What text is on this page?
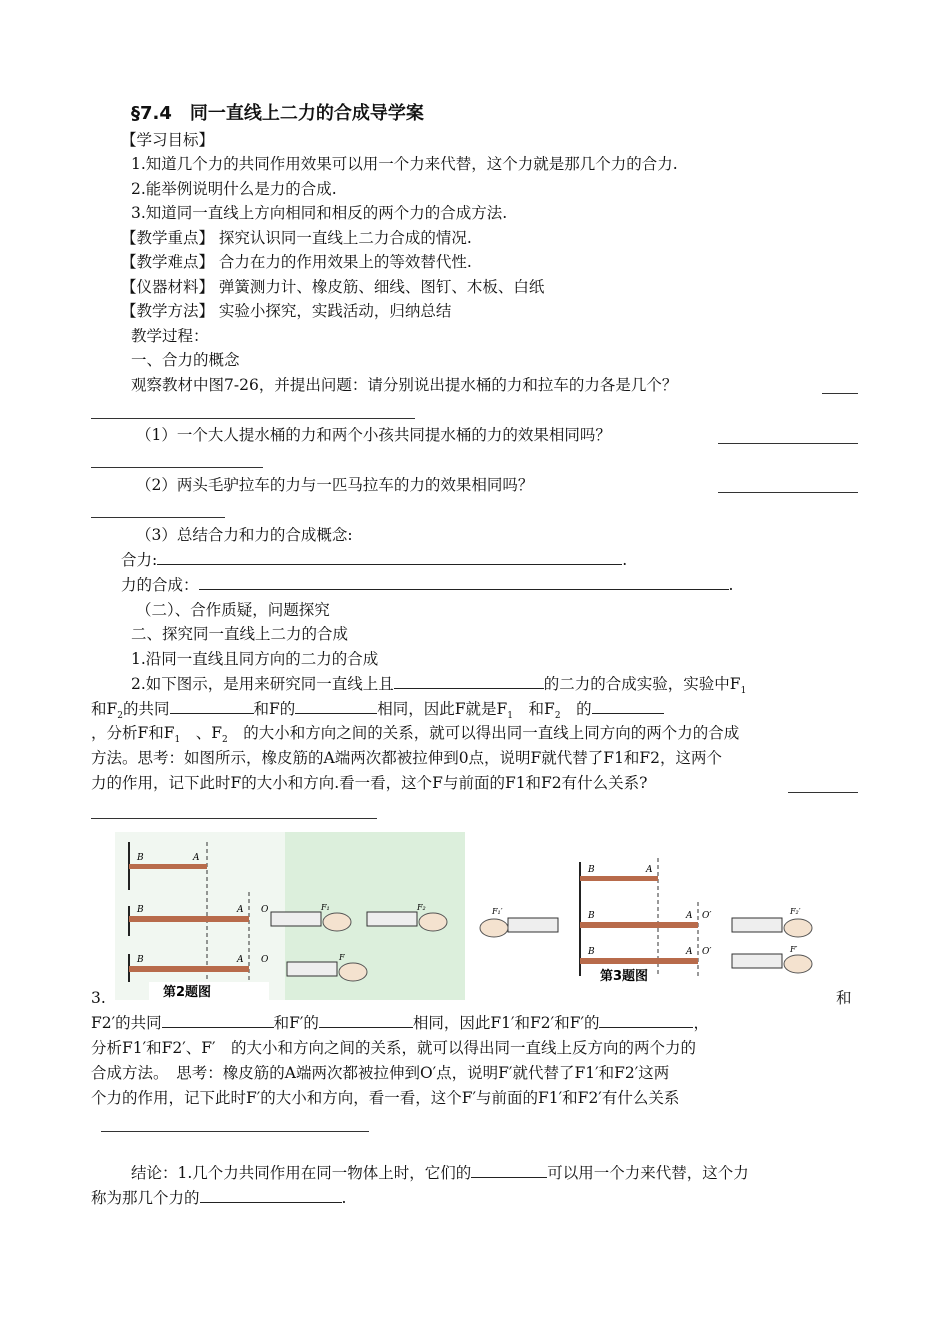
§7.4　同一直线上二力的合成导学案
【学习目标】
1.知道几个力的共同作用效果可以用一个力来代替，这个力就是那几个力的合力.
2.能举例说明什么是力的合成.
3.知道同一直线上方向相同和相反的两个力的合成方法.
【教学重点】 探究认识同一直线上二力合成的情况.
【教学难点】 合力在力的作用效果上的等效替代性.
【仪器材料】 弹簧测力计、橡皮筋、细线、图钉、木板、白纸
【教学方法】 实验小探究，实践活动，归纳总结
教学过程：
一、合力的概念
观察教材中图7-26，并提出问题：请分别说出提水桶的力和拉车的力各是几个？
（1）一个大人提水桶的力和两个小孩共同提水桶的力的效果相同吗？
（2）两头毛驴拉车的力与一匹马拉车的力的效果相同吗？
（3）总结合力和力的合成概念:
合力:	.
力的合成：	.
（二）、合作质疑，问题探究
二、探究同一直线上二力的合成
1.沿同一直线且同方向的二力的合成
2.如下图示，是用来研究同一直线上且	的二力的合成实验，实验中$F_1$
和$F_2$的共同	和F的	相同，因此F就是$F_1$　 和$F_2$　 的
，分析F和$F_1$　 、$F_2$　 的大小和方向之间的关系，就可以得出同一直线上同方向的两个力的合成
方法。思考：如图所示，橡皮筋的A端两次都被拉伸到0点，说明F就代替了F1和F2，这两个
力的作用，记下此时F的大小和方向.看一看，这个F与前面的F1和F2有什么关系?
B	A
B	A
B	A
O
O
F₁	F₂
F
第2题图
B	A
B	A
B	A
O′
O′
F₁′	F₂′
F′
第3题图
3.	和
F2′的共同	和F′的	相同，因此F1′和F2′和F′的	，
分析F1′和F2′、F′　的大小和方向之间的关系，就可以得出同一直线上反方向的两个力的
合成方法。　思考：橡皮筋的A端两次都被拉伸到O′点，说明F′就代替了F1′和F2′这两
个力的作用，记下此时F′的大小和方向，看一看，这个F′与前面的F1′和F2′有什么关系
结论：1.几个力共同作用在同一物体上时，它们的	可以用一个力来代替，这个力
称为那几个力的	.
